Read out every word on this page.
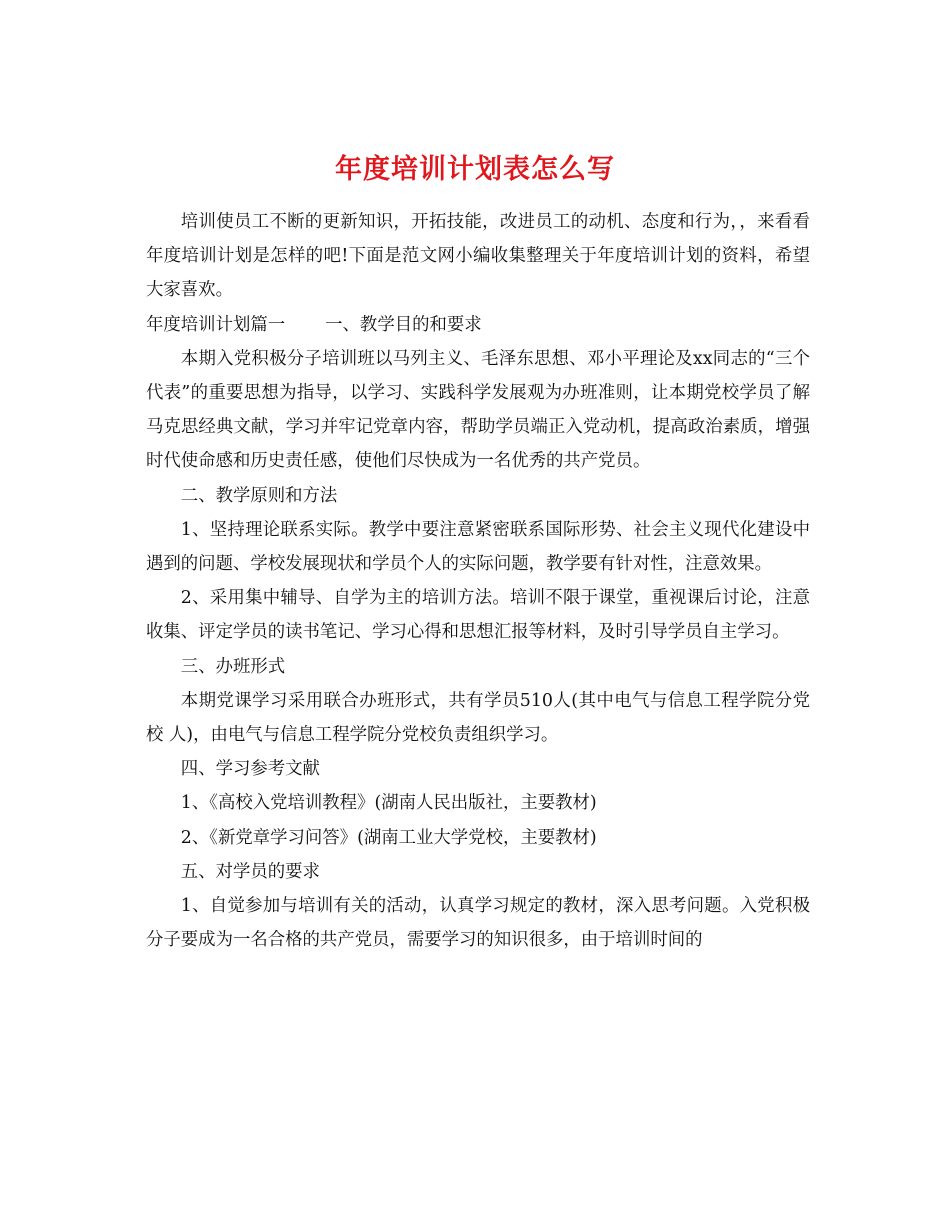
年度培训计划表怎么写

培训使员工不断的更新知识，开拓技能，改进员工的动机、态度和行为，，来看看年度培训计划是怎样的吧!下面是范文网小编收集整理关于年度培训计划的资料，希望大家喜欢。

年度培训计划篇一 一、教学目的和要求

本期入党积极分子培训班以马列主义、毛泽东思想、邓小平理论及xx同志的“三个代表”的重要思想为指导，以学习、实践科学发展观为办班准则，让本期党校学员了解马克思经典文献，学习并牢记党章内容，帮助学员端正入党动机，提高政治素质，增强时代使命感和历史责任感，使他们尽快成为一名优秀的共产党员。

二、教学原则和方法

1、坚持理论联系实际。教学中要注意紧密联系国际形势、社会主义现代化建设中遇到的问题、学校发展现状和学员个人的实际问题，教学要有针对性，注意效果。

2、采用集中辅导、自学为主的培训方法。培训不限于课堂，重视课后讨论，注意收集、评定学员的读书笔记、学习心得和思想汇报等材料，及时引导学员自主学习。

三、办班形式

本期党课学习采用联合办班形式，共有学员510人(其中电气与信息工程学院分党校 人)，由电气与信息工程学院分党校负责组织学习。

四、学习参考文献

1、《高校入党培训教程》(湖南人民出版社，主要教材)

2、《新党章学习问答》(湖南工业大学党校，主要教材)

五、对学员的要求

1、自觉参加与培训有关的活动，认真学习规定的教材，深入思考问题。入党积极分子要成为一名合格的共产党员，需要学习的知识很多，由于培训时间的
